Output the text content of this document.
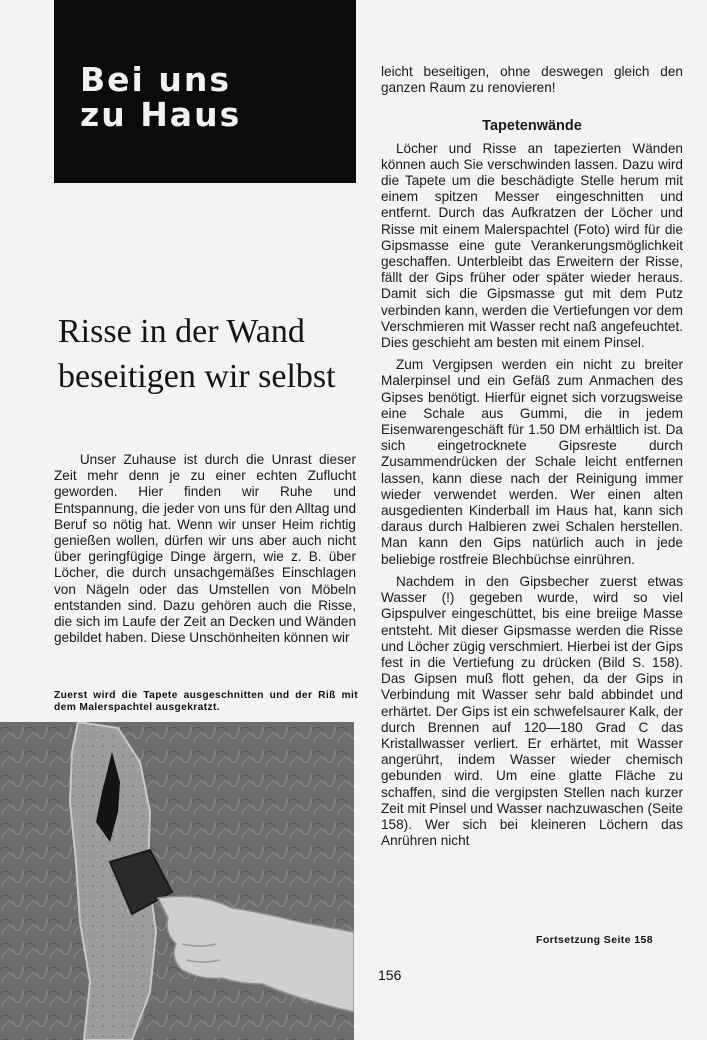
Bei uns
zu Haus
Risse in der Wand
beseitigen wir selbst

Unser Zuhause ist durch die Unrast dieser Zeit mehr denn je zu einer echten Zuflucht geworden. Hier finden wir Ruhe und Entspannung, die jeder von uns für den Alltag und Beruf so nötig hat. Wenn wir unser Heim richtig genießen wollen, dürfen wir uns aber auch nicht über geringfügige Dinge ärgern, wie z. B. über Löcher, die durch unsachgemäßes Einschlagen von Nägeln oder das Umstellen von Möbeln entstanden sind. Dazu gehören auch die Risse, die sich im Laufe der Zeit an Decken und Wänden gebildet haben. Diese Unschönheiten können wir

Zuerst wird die Tapete ausgeschnitten und der Riß mit dem Malerspachtel ausgekratzt.

leicht beseitigen, ohne deswegen gleich den ganzen Raum zu renovieren!

Tapetenwände

Löcher und Risse an tapezierten Wänden können auch Sie verschwinden lassen. Dazu wird die Tapete um die beschädigte Stelle herum mit einem spitzen Messer eingeschnitten und entfernt. Durch das Aufkratzen der Löcher und Risse mit einem Malerspachtel (Foto) wird für die Gipsmasse eine gute Verankerungsmöglichkeit geschaffen. Unterbleibt das Erweitern der Risse, fällt der Gips früher oder später wieder heraus. Damit sich die Gipsmasse gut mit dem Putz verbinden kann, werden die Vertiefungen vor dem Verschmieren mit Wasser recht naß angefeuchtet. Dies geschieht am besten mit einem Pinsel.

Zum Vergipsen werden ein nicht zu breiter Malerpinsel und ein Gefäß zum Anmachen des Gipses benötigt. Hierfür eignet sich vorzugsweise eine Schale aus Gummi, die in jedem Eisenwarengeschäft für 1.50 DM erhältlich ist. Da sich eingetrocknete Gipsreste durch Zusammendrücken der Schale leicht entfernen lassen, kann diese nach der Reinigung immer wieder verwendet werden. Wer einen alten ausgedienten Kinderball im Haus hat, kann sich daraus durch Halbieren zwei Schalen herstellen. Man kann den Gips natürlich auch in jede beliebige rostfreie Blechbüchse einrühren.

Nachdem in den Gipsbecher zuerst etwas Wasser (!) gegeben wurde, wird so viel Gipspulver eingeschüttet, bis eine breiige Masse entsteht. Mit dieser Gipsmasse werden die Risse und Löcher zügig verschmiert. Hierbei ist der Gips fest in die Vertiefung zu drücken (Bild S. 158). Das Gipsen muß flott gehen, da der Gips in Verbindung mit Wasser sehr bald abbindet und erhärtet. Der Gips ist ein schwefelsaurer Kalk, der durch Brennen auf 120—180 Grad C das Kristallwasser verliert. Er erhärtet, mit Wasser angerührt, indem Wasser wieder chemisch gebunden wird. Um eine glatte Fläche zu schaffen, sind die vergipsten Stellen nach kurzer Zeit mit Pinsel und Wasser nachzuwaschen (Seite 158). Wer sich bei kleineren Löchern das Anrühren nicht

Fortsetzung Seite 158
156
